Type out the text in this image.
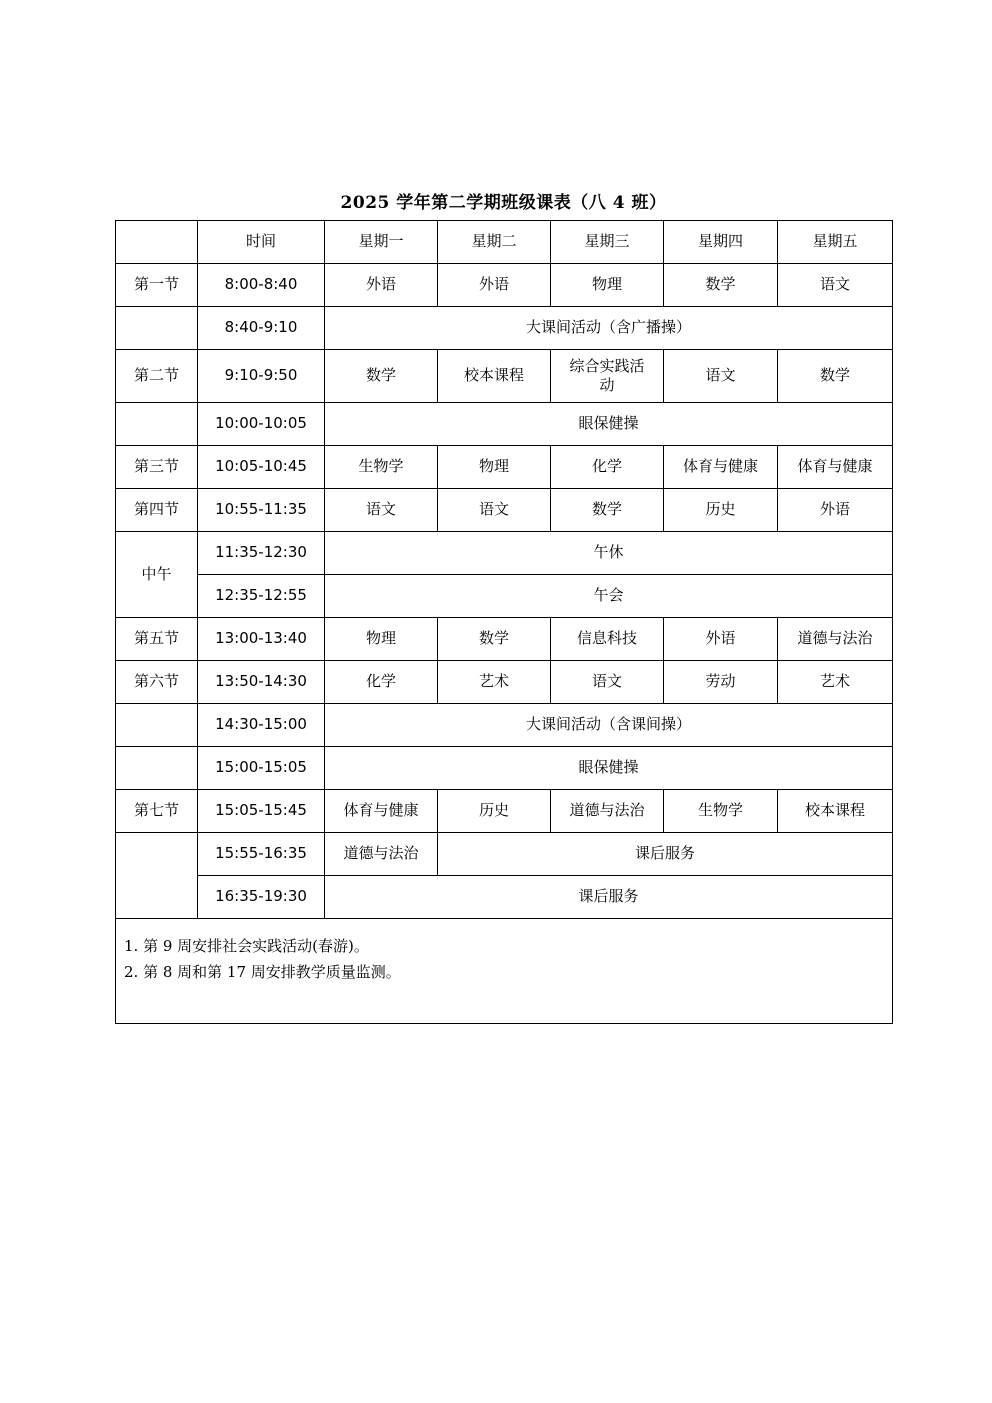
2025 学年第二学期班级课表（八 4 班）
	时间	星期一	星期二	星期三	星期四	星期五
第一节	8:00-8:40	外语	外语	物理	数学	语文
	8:40-9:10	大课间活动（含广播操）				
第二节	9:10-9:50	数学	校本课程	综合实践活动	语文	数学
	10:00-10:05	眼保健操				
第三节	10:05-10:45	生物学	物理	化学	体育与健康	体育与健康
第四节	10:55-11:35	语文	语文	数学	历史	外语
中午	11:35-12:30	午休				
	12:35-12:55	午会				
第五节	13:00-13:40	物理	数学	信息科技	外语	道德与法治
第六节	13:50-14:30	化学	艺术	语文	劳动	艺术
	14:30-15:00	大课间活动（含课间操）				
	15:00-15:05	眼保健操				
第七节	15:05-15:45	体育与健康	历史	道德与法治	生物学	校本课程
	15:55-16:35	道德与法治	课后服务			
	16:35-19:30	课后服务				

1. 第 9 周安排社会实践活动(春游)。
2. 第 8 周和第 17 周安排教学质量监测。						
